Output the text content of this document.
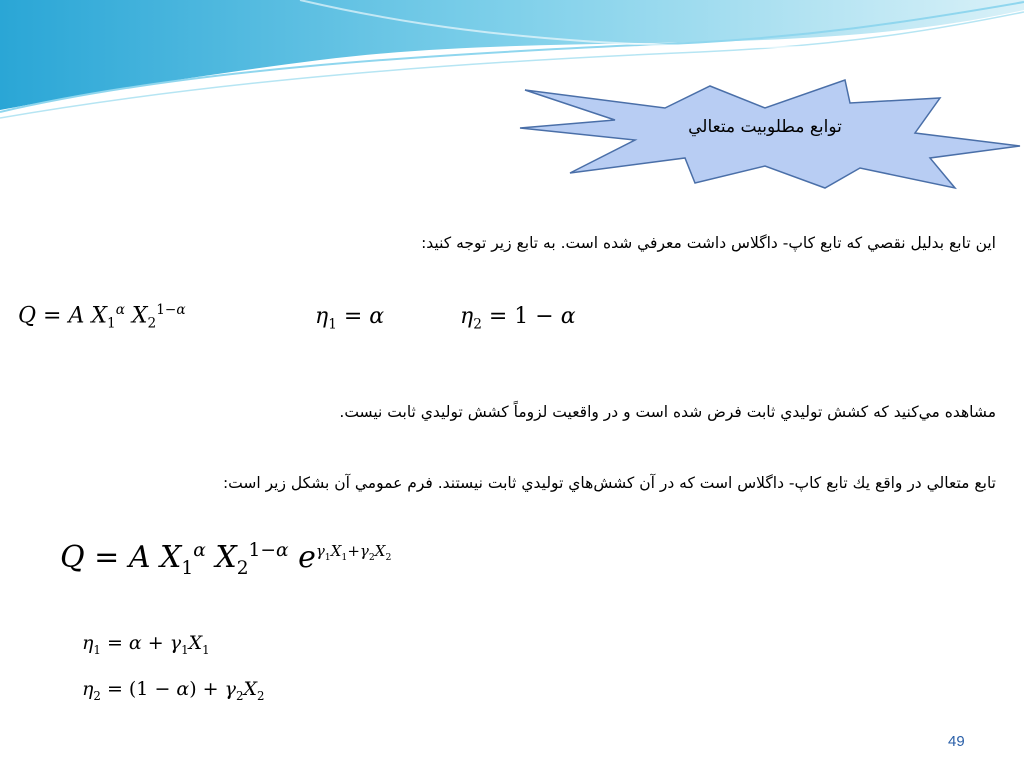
توابع مطلوبيت متعالي
اين تابع بدليل نقصي كه تابع كاپ- داگلاس داشت معرفي شده است. به تابع زير توجه كنيد:
Q = A $X_1^\alpha$ $X_2^{1-\alpha}$	$\eta_1 = \alpha$	$\eta_2 = 1 - \alpha$
مشاهده مي‌كنيد كه كشش توليدي ثابت فرض شده است و در واقعيت لزوماً كشش توليدي ثابت نيست.
تابع متعالي در واقع يك تابع كاپ- داگلاس است كه در آن كشش‌هاي توليدي ثابت نيستند. فرم عمومي آن بشكل زير است:
Q = A $X_1^\alpha$ $X_2^{1-\alpha}$ $e^{\gamma_1X_1+\gamma_2X_2}$
$\eta_1 = \alpha + \gamma_1X_1$
$\eta_2 = (1 - \alpha) + \gamma_2X_2$
49
